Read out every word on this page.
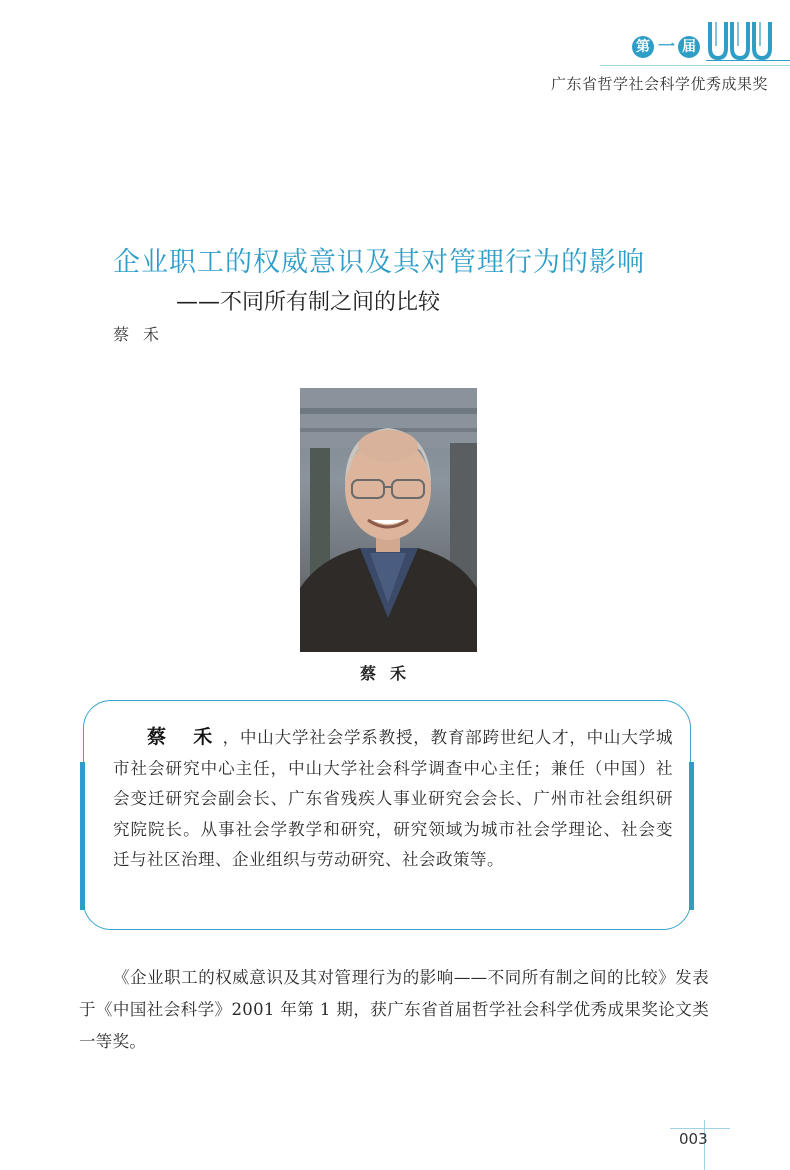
第 一 届
广东省哲学社会科学优秀成果奖
企业职工的权威意识及其对管理行为的影响
——不同所有制之间的比较
蔡禾
蔡禾
蔡 禾，中山大学社会学系教授，教育部跨世纪人才，中山大学城市社会研究中心主任，中山大学社会科学调查中心主任；兼任（中国）社会变迁研究会副会长、广东省残疾人事业研究会会长、广州市社会组织研究院院长。从事社会学教学和研究，研究领域为城市社会学理论、社会变迁与社区治理、企业组织与劳动研究、社会政策等。
《企业职工的权威意识及其对管理行为的影响——不同所有制之间的比较》发表于《中国社会科学》2001 年第 1 期，获广东省首届哲学社会科学优秀成果奖论文类一等奖。
003
